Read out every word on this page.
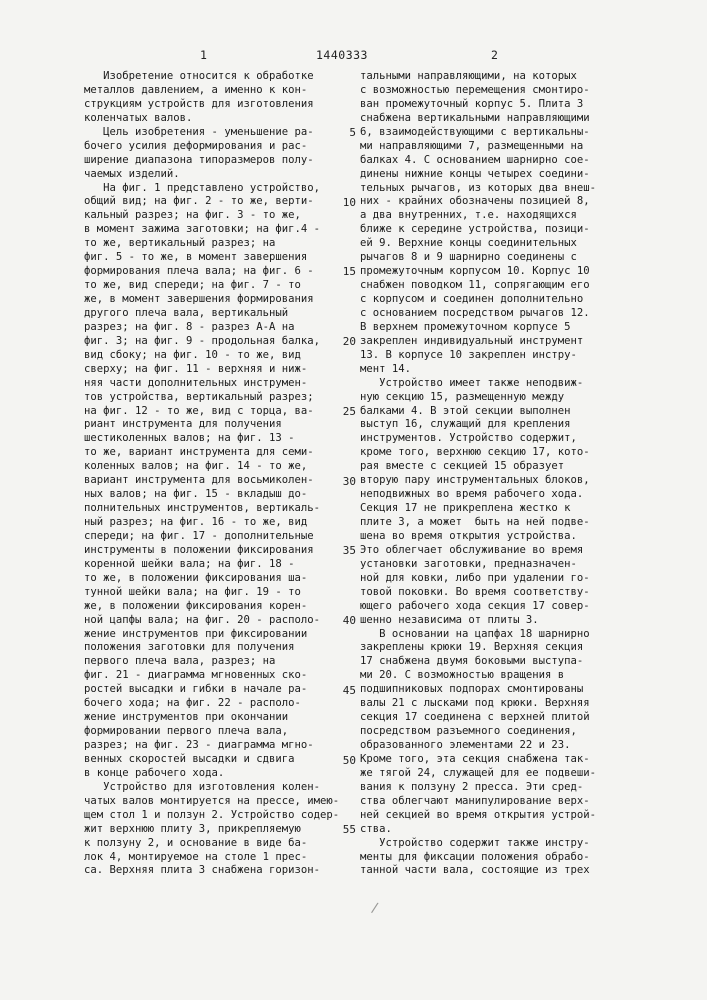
1	1440333	2
Изобретение относится к обработке
металлов давлением, а именно к кон-
струкциям устройств для изготовления
коленчатых валов.
Цель изобретения - уменьшение ра-
бочего усилия деформирования и рас-
ширение диапазона типоразмеров полу-
чаемых изделий.
На фиг. 1 представлено устройство,
общий вид; на фиг. 2 - то же, верти-
кальный разрез; на фиг. 3 - то же,
в момент зажима заготовки; на фиг.4 -
то же, вертикальный разрез; на
фиг. 5 - то же, в момент завершения
формирования плеча вала; на фиг. 6 -
то же, вид спереди; на фиг. 7 - то
же, в момент завершения формирования
другого плеча вала, вертикальный
разрез; на фиг. 8 - разрез А-А на
фиг. 3; на фиг. 9 - продольная балка,
вид сбоку; на фиг. 10 - то же, вид
сверху; на фиг. 11 - верхняя и ниж-
няя части дополнительных инструмен-
тов устройства, вертикальный разрез;
на фиг. 12 - то же, вид с торца, ва-
риант инструмента для получения
шестиколенных валов; на фиг. 13 -
то же, вариант инструмента для семи-
коленных валов; на фиг. 14 - то же,
вариант инструмента для восьмиколен-
ных валов; на фиг. 15 - вкладыш до-
полнительных инструментов, вертикаль-
ный разрез; на фиг. 16 - то же, вид
спереди; на фиг. 17 - дополнительные
инструменты в положении фиксирования
коренной шейки вала; на фиг. 18 -
то же, в положении фиксирования ша-
тунной шейки вала; на фиг. 19 - то
же, в положении фиксирования корен-
ной цапфы вала; на фиг. 20 - располо-
жение инструментов при фиксировании
положения заготовки для получения
первого плеча вала, разрез; на
фиг. 21 - диаграмма мгновенных ско-
ростей высадки и гибки в начале ра-
бочего хода; на фиг. 22 - располо-
жение инструментов при окончании
формировании первого плеча вала,
разрез; на фиг. 23 - диаграмма мгно-
венных скоростей высадки и сдвига
в конце рабочего хода.
Устройство для изготовления колен-
чатых валов монтируется на прессе, имею-
щем стол 1 и ползун 2. Устройство содер-
жит верхнюю плиту 3, прикрепляемую
к ползуну 2, и основание в виде ба-
лок 4, монтируемое на столе 1 прес-
са. Верхняя плита 3 снабжена горизон-
5
10
15
20
25
30
35
40
45
50
55
тальными направляющими, на которых
с возможностью перемещения смонтиро-
ван промежуточный корпус 5. Плита 3
снабжена вертикальными направляющими
6, взаимодействующими с вертикальны-
ми направляющими 7, размещенными на
балках 4. С основанием шарнирно сое-
динены нижние концы четырех соедини-
тельных рычагов, из которых два внеш-
них - крайних обозначены позицией 8,
а два внутренних, т.е. находящихся
ближе к середине устройства, позици-
ей 9. Верхние концы соединительных
рычагов 8 и 9 шарнирно соединены с
промежуточным корпусом 10. Корпус 10
снабжен поводком 11, сопрягающим его
с корпусом и соединен дополнительно
с основанием посредством рычагов 12.
В верхнем промежуточном корпусе 5
закреплен индивидуальный инструмент
13. В корпусе 10 закреплен инстру-
мент 14.
Устройство имеет также неподвиж-
ную секцию 15, размещенную между
балками 4. В этой секции выполнен
выступ 16, служащий для крепления
инструментов. Устройство содержит,
кроме того, верхнюю секцию 17, кото-
рая вместе с секцией 15 образует
вторую пару инструментальных блоков,
неподвижных во время рабочего хода.
Секция 17 не прикреплена жестко к
плите 3, а может  быть на ней подве-
шена во время открытия устройства.
Это облегчает обслуживание во время
установки заготовки, предназначен-
ной для ковки, либо при удалении го-
товой поковки. Во время соответству-
ющего рабочего хода секция 17 совер-
шенно независима от плиты 3.
В основании на цапфах 18 шарнирно
закреплены крюки 19. Верхняя секция
17 снабжена двумя боковыми выступа-
ми 20. С возможностью вращения в
подшипниковых подпорах смонтированы
валы 21 с лысками под крюки. Верхняя
секция 17 соединена с верхней плитой
посредством разъемного соединения,
образованного элементами 22 и 23.
Кроме того, эта секция снабжена так-
же тягой 24, служащей для ее подвеши-
вания к ползуну 2 пресса. Эти сред-
ства облегчают манипулирование верх-
ней секцией во время открытия устрой-
ства.
Устройство содержит также инстру-
менты для фиксации положения обрабо-
танной части вала, состоящие из трех
/
